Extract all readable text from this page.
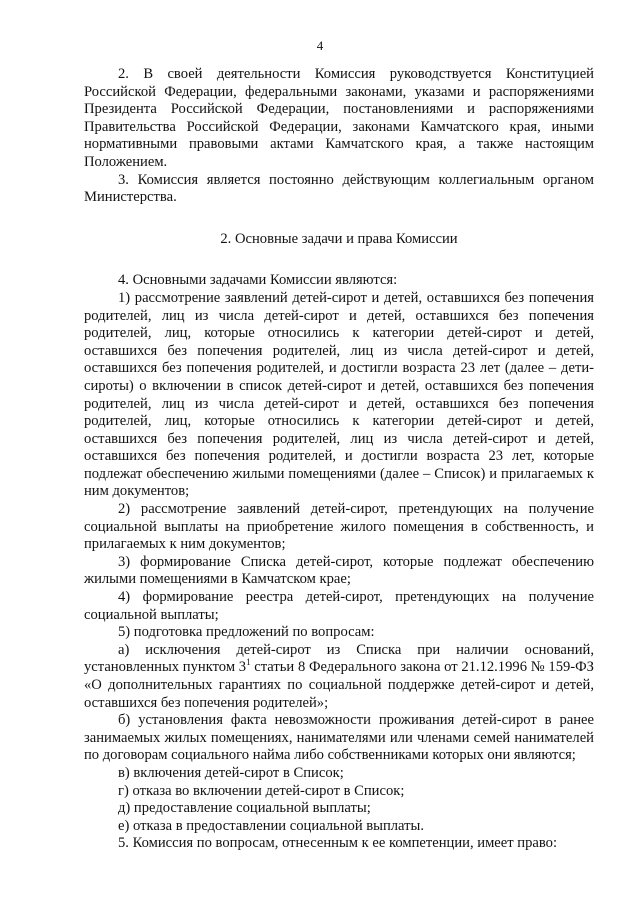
4

2. В своей деятельности Комиссия руководствуется Конституцией Российской Федерации, федеральными законами, указами и распоряжениями Президента Российской Федерации, постановлениями и распоряжениями Правительства Российской Федерации, законами Камчатского края, иными нормативными правовыми актами Камчатского края, а также настоящим Положением.

3. Комиссия является постоянно действующим коллегиальным органом Министерства.

2. Основные задачи и права Комиссии

4. Основными задачами Комиссии являются:

1) рассмотрение заявлений детей-сирот и детей, оставшихся без попечения родителей, лиц из числа детей-сирот и детей, оставшихся без попечения родителей, лиц, которые относились к категории детей-сирот и детей, оставшихся без попечения родителей, лиц из числа детей-сирот и детей, оставшихся без попечения родителей, и достигли возраста 23 лет (далее – дети-сироты) о включении в список детей-сирот и детей, оставшихся без попечения родителей, лиц из числа детей-сирот и детей, оставшихся без попечения родителей, лиц, которые относились к категории детей-сирот и детей, оставшихся без попечения родителей, лиц из числа детей-сирот и детей, оставшихся без попечения родителей, и достигли возраста 23 лет, которые подлежат обеспечению жилыми помещениями (далее – Список) и прилагаемых к ним документов;

2) рассмотрение заявлений детей-сирот, претендующих на получение социальной выплаты на приобретение жилого помещения в собственность, и прилагаемых к ним документов;

3) формирование Списка детей-сирот, которые подлежат обеспечению жилыми помещениями в Камчатском крае;

4) формирование реестра детей-сирот, претендующих на получение социальной выплаты;

5) подготовка предложений по вопросам:

а) исключения детей-сирот из Списка при наличии оснований, установленных пунктом $3^1$ статьи 8 Федерального закона от 21.12.1996 № 159-ФЗ «О дополнительных гарантиях по социальной поддержке детей-сирот и детей, оставшихся без попечения родителей»;

б) установления факта невозможности проживания детей-сирот в ранее занимаемых жилых помещениях, нанимателями или членами семей нанимателей по договорам социального найма либо собственниками которых они являются;

в) включения детей-сирот в Список;

г) отказа во включении детей-сирот в Список;

д) предоставление социальной выплаты;

е) отказа в предоставлении социальной выплаты.

5. Комиссия по вопросам, отнесенным к ее компетенции, имеет право:
